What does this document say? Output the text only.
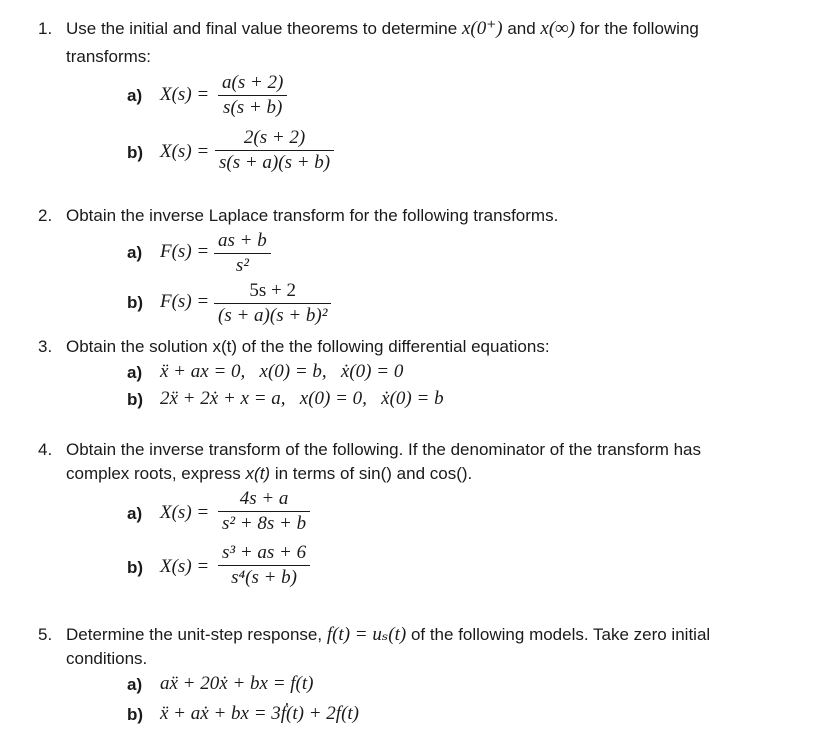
1. Use the initial and final value theorems to determine x(0⁺) and x(∞) for the following
transforms:
a) $X(s) = \frac{a(s + 2)}{s(s + b)}$
b) $X(s) = \frac{2(s + 2)}{s(s + a)(s + b)}$
2. Obtain the inverse Laplace transform for the following transforms.
a) $F(s) = \frac{as + b}{\text{s²}}$
b) $F(s) = \frac{5s + 2}{\text{(s + a)(s + b)²}}$
3. Obtain the solution x(t) of the the following differential equations:
a) ẍ + ax = 0,   x(0) = b,   ẋ(0) = 0
b) 2ẍ + 2ẋ + x = a,   x(0) = 0,   ẋ(0) = b
4. Obtain the inverse transform of the following. If the denominator of the transform has
complex roots, express x(t) in terms of sin() and cos().
a) $X(s) = \frac{4s + a}{\text{s² + 8s + b}}$
b) $X(s) = \frac{\text{s³ + as + 6}}{\text{s⁴(s + b)}}$
5. Determine the unit-step response, f(t) = uₛ(t) of the following models. Take zero initial
conditions.
a) aẍ + 20ẋ + bx = f(t)
b) ẍ + aẋ + bx = 3ḟ(t) + 2f(t)
